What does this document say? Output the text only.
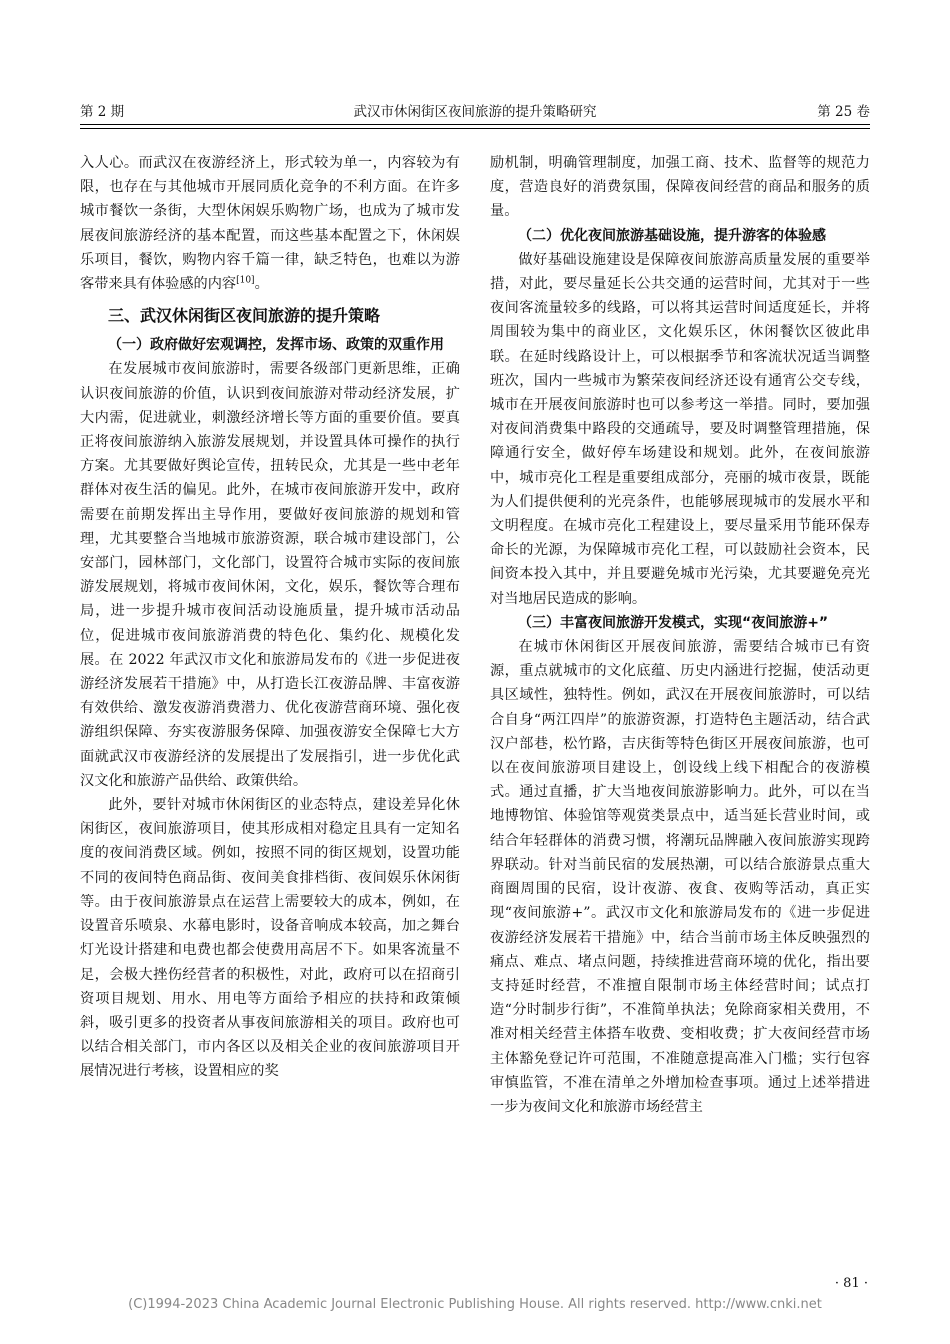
第 2 期	武汉市休闲街区夜间旅游的提升策略研究	第 25 卷

入人心。而武汉在夜游经济上，形式较为单一，内容较为有限，也存在与其他城市开展同质化竞争的不利方面。在许多城市餐饮一条街，大型休闲娱乐购物广场，也成为了城市发展夜间旅游经济的基本配置，而这些基本配置之下，休闲娱乐项目，餐饮，购物内容千篇一律，缺乏特色，也难以为游客带来具有体验感的内容[10]。

三、武汉休闲街区夜间旅游的提升策略

（一）政府做好宏观调控，发挥市场、政策的双重作用

在发展城市夜间旅游时，需要各级部门更新思维，正确认识夜间旅游的价值，认识到夜间旅游对带动经济发展，扩大内需，促进就业，刺激经济增长等方面的重要价值。要真正将夜间旅游纳入旅游发展规划，并设置具体可操作的执行方案。尤其要做好舆论宣传，扭转民众，尤其是一些中老年群体对夜生活的偏见。此外，在城市夜间旅游开发中，政府需要在前期发挥出主导作用，要做好夜间旅游的规划和管理，尤其要整合当地城市旅游资源，联合城市建设部门，公安部门，园林部门，文化部门，设置符合城市实际的夜间旅游发展规划，将城市夜间休闲，文化，娱乐，餐饮等合理布局，进一步提升城市夜间活动设施质量，提升城市活动品位，促进城市夜间旅游消费的特色化、集约化、规模化发展。在 2022 年武汉市文化和旅游局发布的《进一步促进夜游经济发展若干措施》中，从打造长江夜游品牌、丰富夜游有效供给、激发夜游消费潜力、优化夜游营商环境、强化夜游组织保障、夯实夜游服务保障、加强夜游安全保障七大方面就武汉市夜游经济的发展提出了发展指引，进一步优化武汉文化和旅游产品供给、政策供给。

此外，要针对城市休闲街区的业态特点，建设差异化休闲街区，夜间旅游项目，使其形成相对稳定且具有一定知名度的夜间消费区域。例如，按照不同的街区规划，设置功能不同的夜间特色商品街、夜间美食排档街、夜间娱乐休闲街等。由于夜间旅游景点在运营上需要较大的成本，例如，在设置音乐喷泉、水幕电影时，设备音响成本较高，加之舞台灯光设计搭建和电费也都会使费用高居不下。如果客流量不足，会极大挫伤经营者的积极性，对此，政府可以在招商引资项目规划、用水、用电等方面给予相应的扶持和政策倾斜，吸引更多的投资者从事夜间旅游相关的项目。政府也可以结合相关部门，市内各区以及相关企业的夜间旅游项目开展情况进行考核，设置相应的奖

励机制，明确管理制度，加强工商、技术、监督等的规范力度，营造良好的消费氛围，保障夜间经营的商品和服务的质量。

（二）优化夜间旅游基础设施，提升游客的体验感

做好基础设施建设是保障夜间旅游高质量发展的重要举措，对此，要尽量延长公共交通的运营时间，尤其对于一些夜间客流量较多的线路，可以将其运营时间适度延长，并将周围较为集中的商业区，文化娱乐区，休闲餐饮区彼此串联。在延时线路设计上，可以根据季节和客流状况适当调整班次，国内一些城市为繁荣夜间经济还设有通宵公交专线，城市在开展夜间旅游时也可以参考这一举措。同时，要加强对夜间消费集中路段的交通疏导，要及时调整管理措施，保障通行安全，做好停车场建设和规划。此外，在夜间旅游中，城市亮化工程是重要组成部分，亮丽的城市夜景，既能为人们提供便利的光亮条件，也能够展现城市的发展水平和文明程度。在城市亮化工程建设上，要尽量采用节能环保寿命长的光源，为保障城市亮化工程，可以鼓励社会资本，民间资本投入其中，并且要避免城市光污染，尤其要避免亮光对当地居民造成的影响。

（三）丰富夜间旅游开发模式，实现“夜间旅游+”

在城市休闲街区开展夜间旅游，需要结合城市已有资源，重点就城市的文化底蕴、历史内涵进行挖掘，使活动更具区域性，独特性。例如，武汉在开展夜间旅游时，可以结合自身“两江四岸”的旅游资源，打造特色主题活动，结合武汉户部巷，松竹路，吉庆街等特色街区开展夜间旅游，也可以在夜间旅游项目建设上，创设线上线下相配合的夜游模式。通过直播，扩大当地夜间旅游影响力。此外，可以在当地博物馆、体验馆等观赏类景点中，适当延长营业时间，或结合年轻群体的消费习惯，将潮玩品牌融入夜间旅游实现跨界联动。针对当前民宿的发展热潮，可以结合旅游景点重大商圈周围的民宿，设计夜游、夜食、夜购等活动，真正实现“夜间旅游+”。武汉市文化和旅游局发布的《进一步促进夜游经济发展若干措施》中，结合当前市场主体反映强烈的痛点、难点、堵点问题，持续推进营商环境的优化，指出要支持延时经营，不准擅自限制市场主体经营时间；试点打造“分时制步行街”，不准简单执法；免除商家相关费用，不准对相关经营主体搭车收费、变相收费；扩大夜间经营市场主体豁免登记许可范围，不准随意提高准入门槛；实行包容审慎监管，不准在清单之外增加检查事项。通过上述举措进一步为夜间文化和旅游市场经营主

· 81 ·
(C)1994-2023 China Academic Journal Electronic Publishing House. All rights reserved. http://www.cnki.net
